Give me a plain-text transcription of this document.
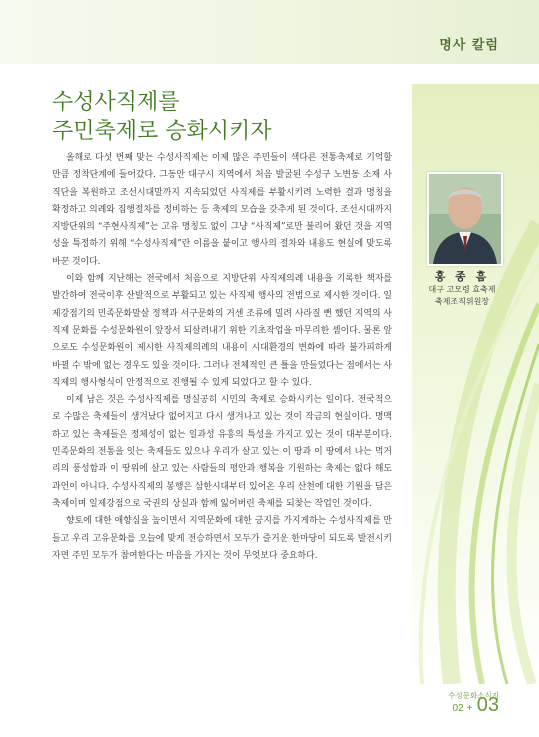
명사 칼럼
수성사직제를
주민축제로 승화시키자
홍 종 흠
대구 고모령 효축제
축제조직위원장

올해로 다섯 번째 맞는 수성사직제는 이제 많은 주민들이 색다른 전통축제로 기억할 만큼 정착단계에 들어갔다. 그동안 대구시 지역에서 처음 발굴된 수성구 노변동 소재 사직단을 복원하고 조선시대말까지 지속되었던 사직제를 부활시키려 노력한 결과 명칭을 확정하고 의례와 집행절차를 정비하는 등 축제의 모습을 갖추게 된 것이다. 조선시대까지 지방단위의 “주현사직제”는 고유 명칭도 없이 그냥 “사직제”로만 불리어 왔던 것을 지역성을 특정하기 위해 “수성사직제”란 이름을 붙이고 행사의 절차와 내용도 현실에 맞도록 바꾼 것이다.

이와 함께 지난해는 전국에서 처음으로 지방단위 사직제의례 내용을 기록한 책자를 발간하여 전국이후 산발적으로 부활되고 있는 사직제 행사의 전범으로 제시한 것이다. 일제강점기의 민족문화말살 정책과 서구문화의 거센 조류에 밀려 사라질 뻔 했던 지역의 사직제 문화를 수성문화원이 앞장서 되살려내기 위한 기초작업을 마무리한 셈이다. 물론 앞으로도 수성문화원이 제시한 사직제의례의 내용이 시대환경의 변화에 따라 불가피하게 바뀔 수 밖에 없는 경우도 있을 것이다. 그러나 전체적인 큰 틀을 만들었다는 점에서는 사직제의 행사형식이 안정적으로 진행될 수 있게 되었다고 할 수 있다.

이제 남은 것은 수성사직제를 명실공히 시민의 축제로 승화시키는 일이다. 전국적으로 수많은 축제들이 생겨났다 없어지고 다시 생겨나고 있는 것이 작금의 현실이다. 명맥하고 있는 축제들은 정체성이 없는 일과성 유흥의 특성을 가지고 있는 것이 대부분이다. 민족문화의 전통을 잇는 축제들도 있으나 우리가 살고 있는 이 땅과 이 땅에서 나는 먹거리의 풍성함과 이 땅위에 살고 있는 사람들의 평안과 행복을 기원하는 축제는 없다 해도 과언이 아니다. 수성사직제의 봉행은 삼한시대부터 있어온 우리 산천에 대한 기원을 담은 축제이며 일제강점으로 국권의 상실과 함께 잃어버린 축제를 되찾는 작업인 것이다.

향토에 대한 애향심을 높이면서 지역문화에 대한 긍지를 가지게하는 수성사직제를 만들고 우리 고유문화를 오늘에 맞게 전승하면서 모두가 즐거운 한마당이 되도록 발전시키자면 주민 모두가 참여한다는 마음을 가지는 것이 무엇보다 중요하다.

수성문화소식지
02 + 03
